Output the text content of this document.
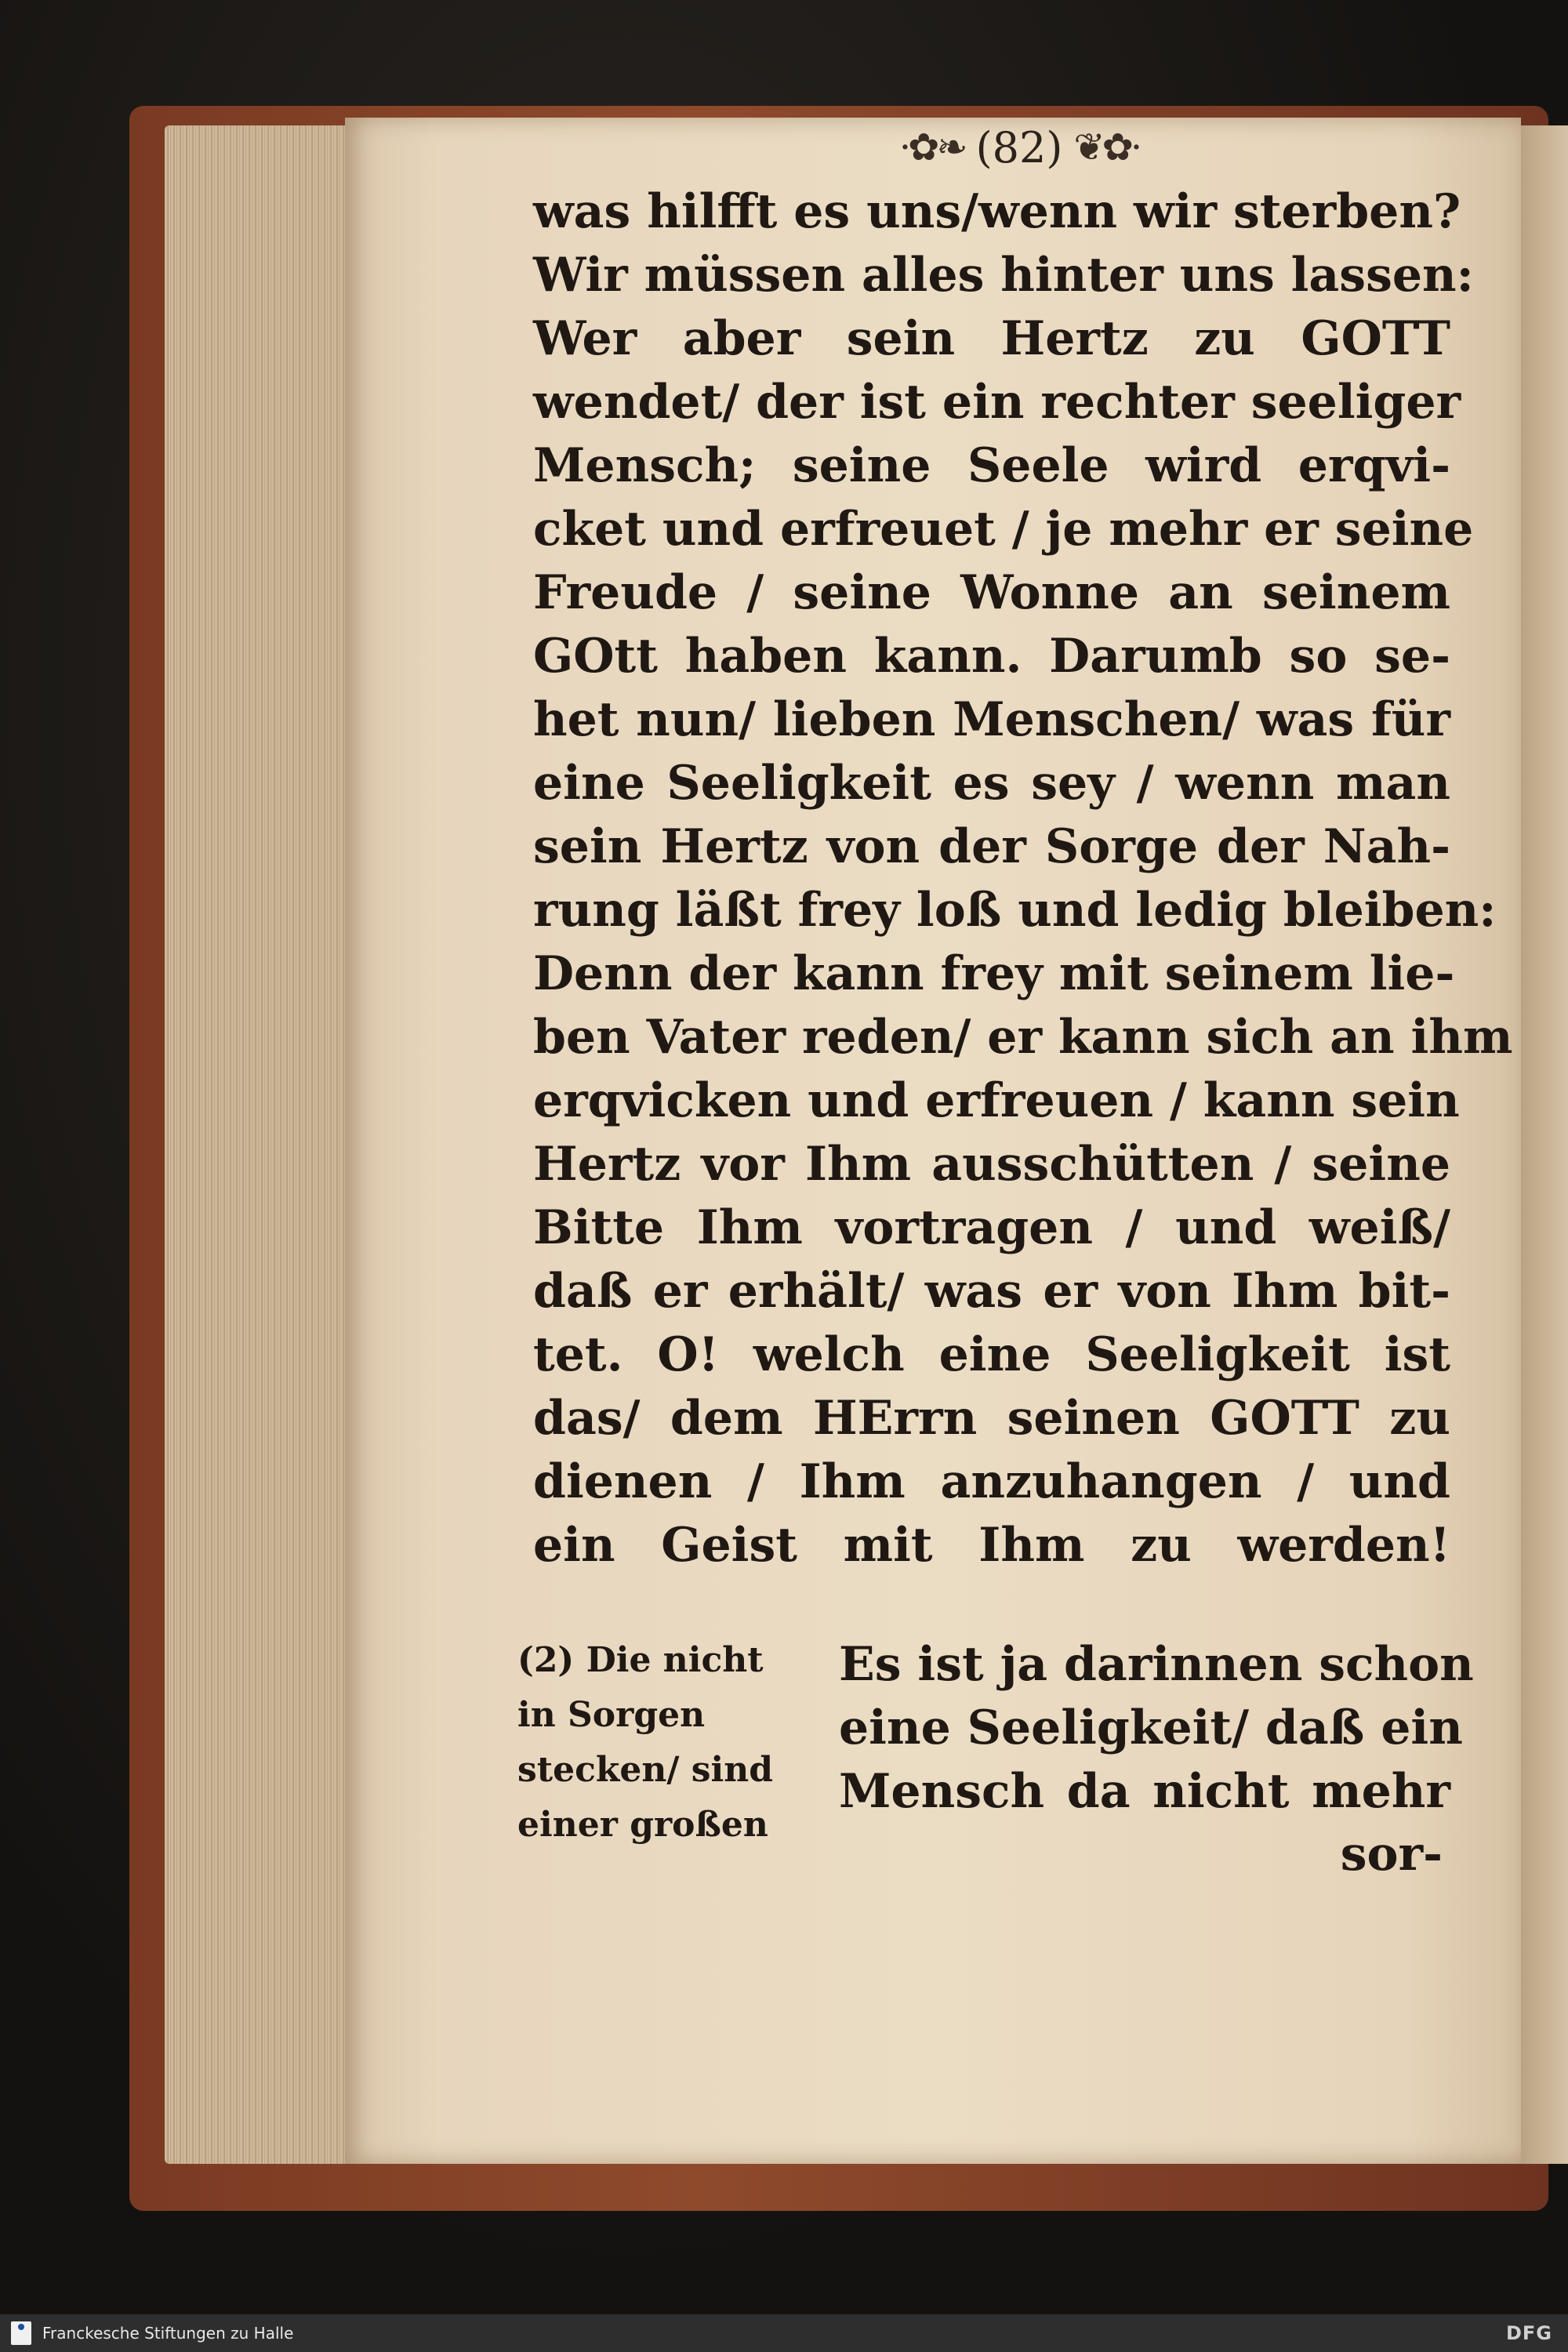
·✿❧ (82) ❦✿·
was hilfft es uns/wenn wir sterben?
Wir müssen alles hinter uns lassen:
Wer aber sein Hertz zu GOTT
wendet/ der ist ein rechter seeliger
Mensch; seine Seele wird erqvi-
cket und erfreuet / je mehr er seine
Freude / seine Wonne an seinem
GOtt haben kann. Darumb so se-
het nun/ lieben Menschen/ was für
eine Seeligkeit es sey / wenn man
sein Hertz von der Sorge der Nah-
rung läßt frey loß und ledig bleiben:
Denn der kann frey mit seinem lie-
ben Vater reden/ er kann sich an ihm
erqvicken und erfreuen / kann sein
Hertz vor Ihm ausschütten / seine
Bitte Ihm vortragen / und weiß/
daß er erhält/ was er von Ihm bit-
tet. O! welch eine Seeligkeit ist
das/ dem HErrn seinen GOTT zu
dienen / Ihm anzuhangen / und
ein Geist mit Ihm zu werden!
(2) Die nicht
in Sorgen
stecken/ sind
einer großen
Es ist ja darinnen schon
eine Seeligkeit/ daß ein
Mensch da nicht mehr
sor-
Franckesche Stiftungen zu Halle	DFG
